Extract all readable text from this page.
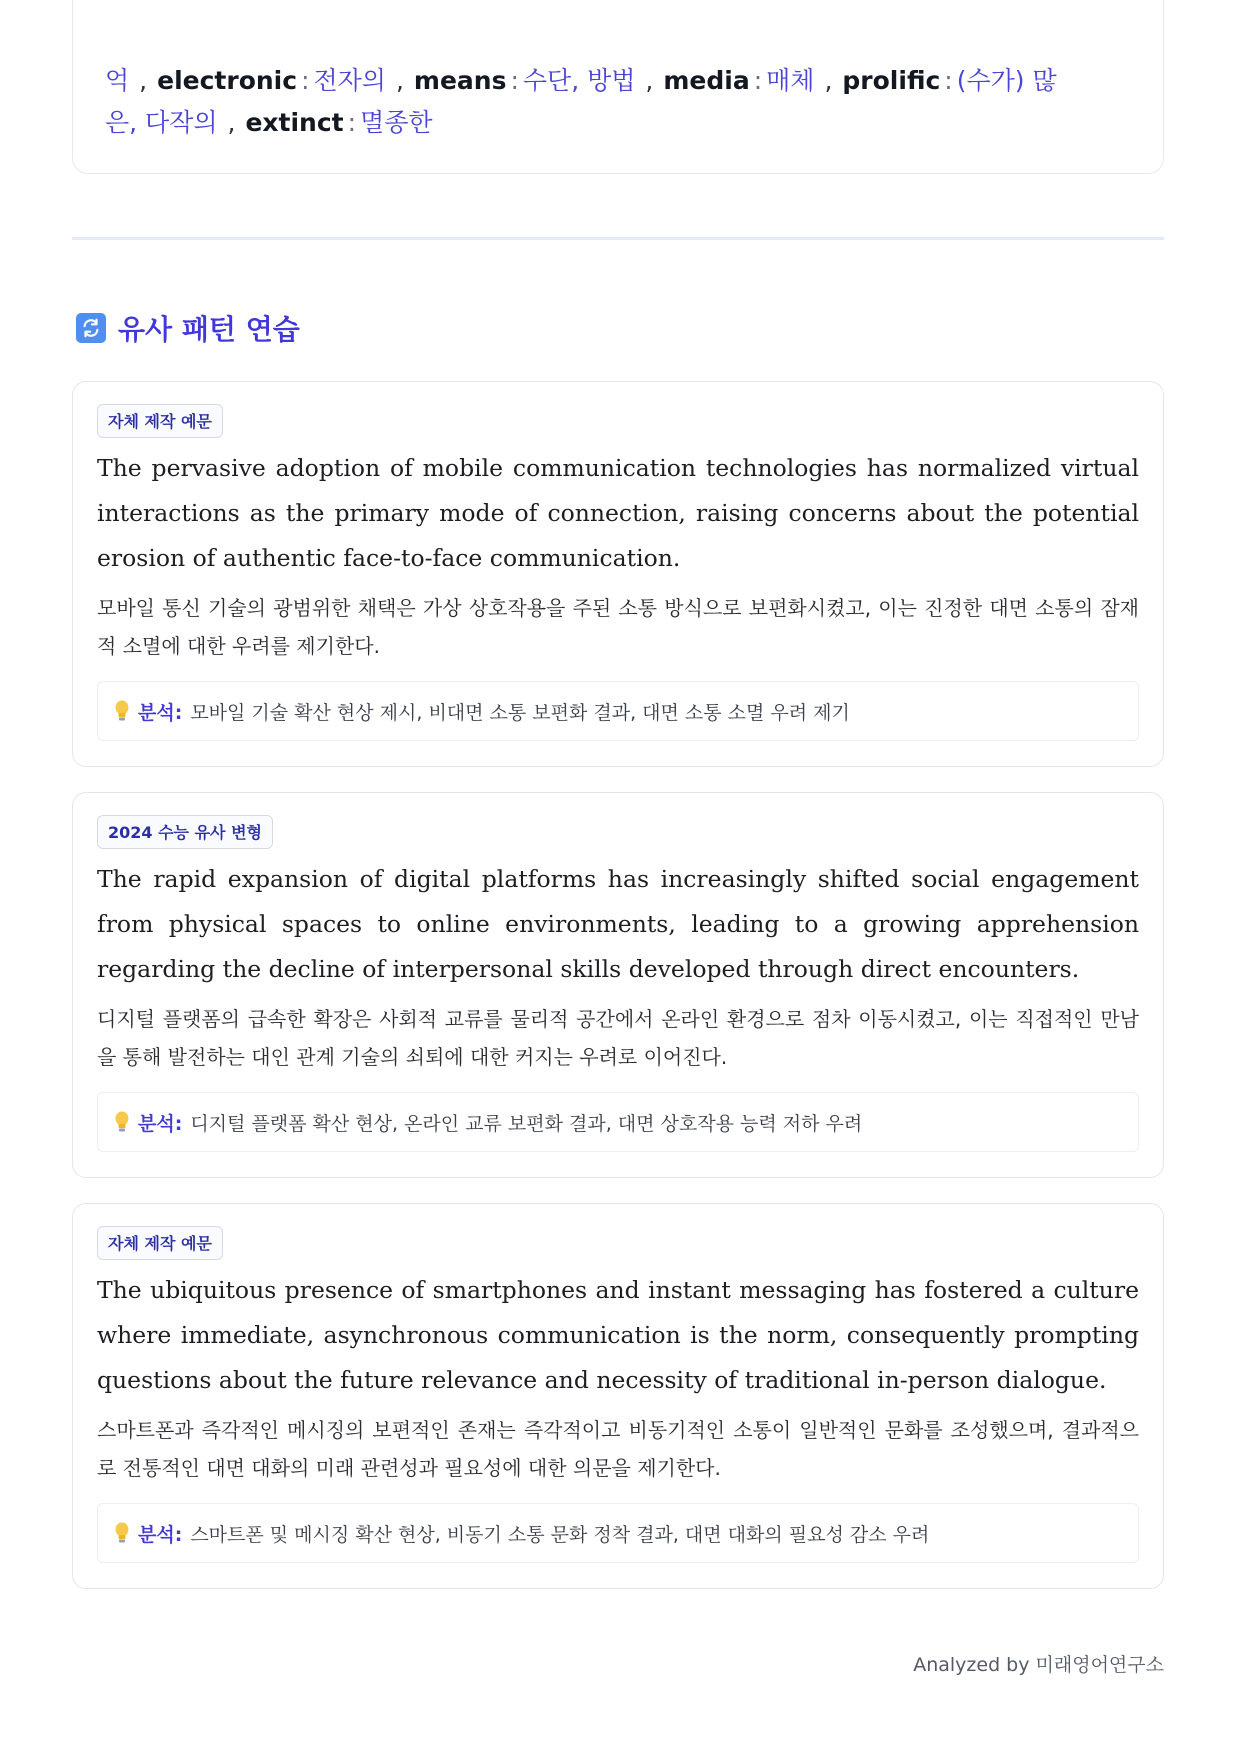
억 , electronic : 전자의 , means : 수단, 방법 , media : 매체 , prolific : (수가) 많은, 다작의 , extinct : 멸종한
유사 패턴 연습
자체 제작 예문
The pervasive adoption of mobile communication technologies has normalized virtual interactions as the primary mode of connection, raising concerns about the potential erosion of authentic face-to-face communication.
모바일 통신 기술의 광범위한 채택은 가상 상호작용을 주된 소통 방식으로 보편화시켰고, 이는 진정한 대면 소통의 잠재적 소멸에 대한 우려를 제기한다.
분석: 모바일 기술 확산 현상 제시, 비대면 소통 보편화 결과, 대면 소통 소멸 우려 제기
2024 수능 유사 변형
The rapid expansion of digital platforms has increasingly shifted social engagement from physical spaces to online environments, leading to a growing apprehension regarding the decline of interpersonal skills developed through direct encounters.
디지털 플랫폼의 급속한 확장은 사회적 교류를 물리적 공간에서 온라인 환경으로 점차 이동시켰고, 이는 직접적인 만남을 통해 발전하는 대인 관계 기술의 쇠퇴에 대한 커지는 우려로 이어진다.
분석: 디지털 플랫폼 확산 현상, 온라인 교류 보편화 결과, 대면 상호작용 능력 저하 우려
자체 제작 예문
The ubiquitous presence of smartphones and instant messaging has fostered a culture where immediate, asynchronous communication is the norm, consequently prompting questions about the future relevance and necessity of traditional in-person dialogue.
스마트폰과 즉각적인 메시징의 보편적인 존재는 즉각적이고 비동기적인 소통이 일반적인 문화를 조성했으며, 결과적으로 전통적인 대면 대화의 미래 관련성과 필요성에 대한 의문을 제기한다.
분석: 스마트폰 및 메시징 확산 현상, 비동기 소통 문화 정착 결과, 대면 대화의 필요성 감소 우려
Analyzed by 미래영어연구소
